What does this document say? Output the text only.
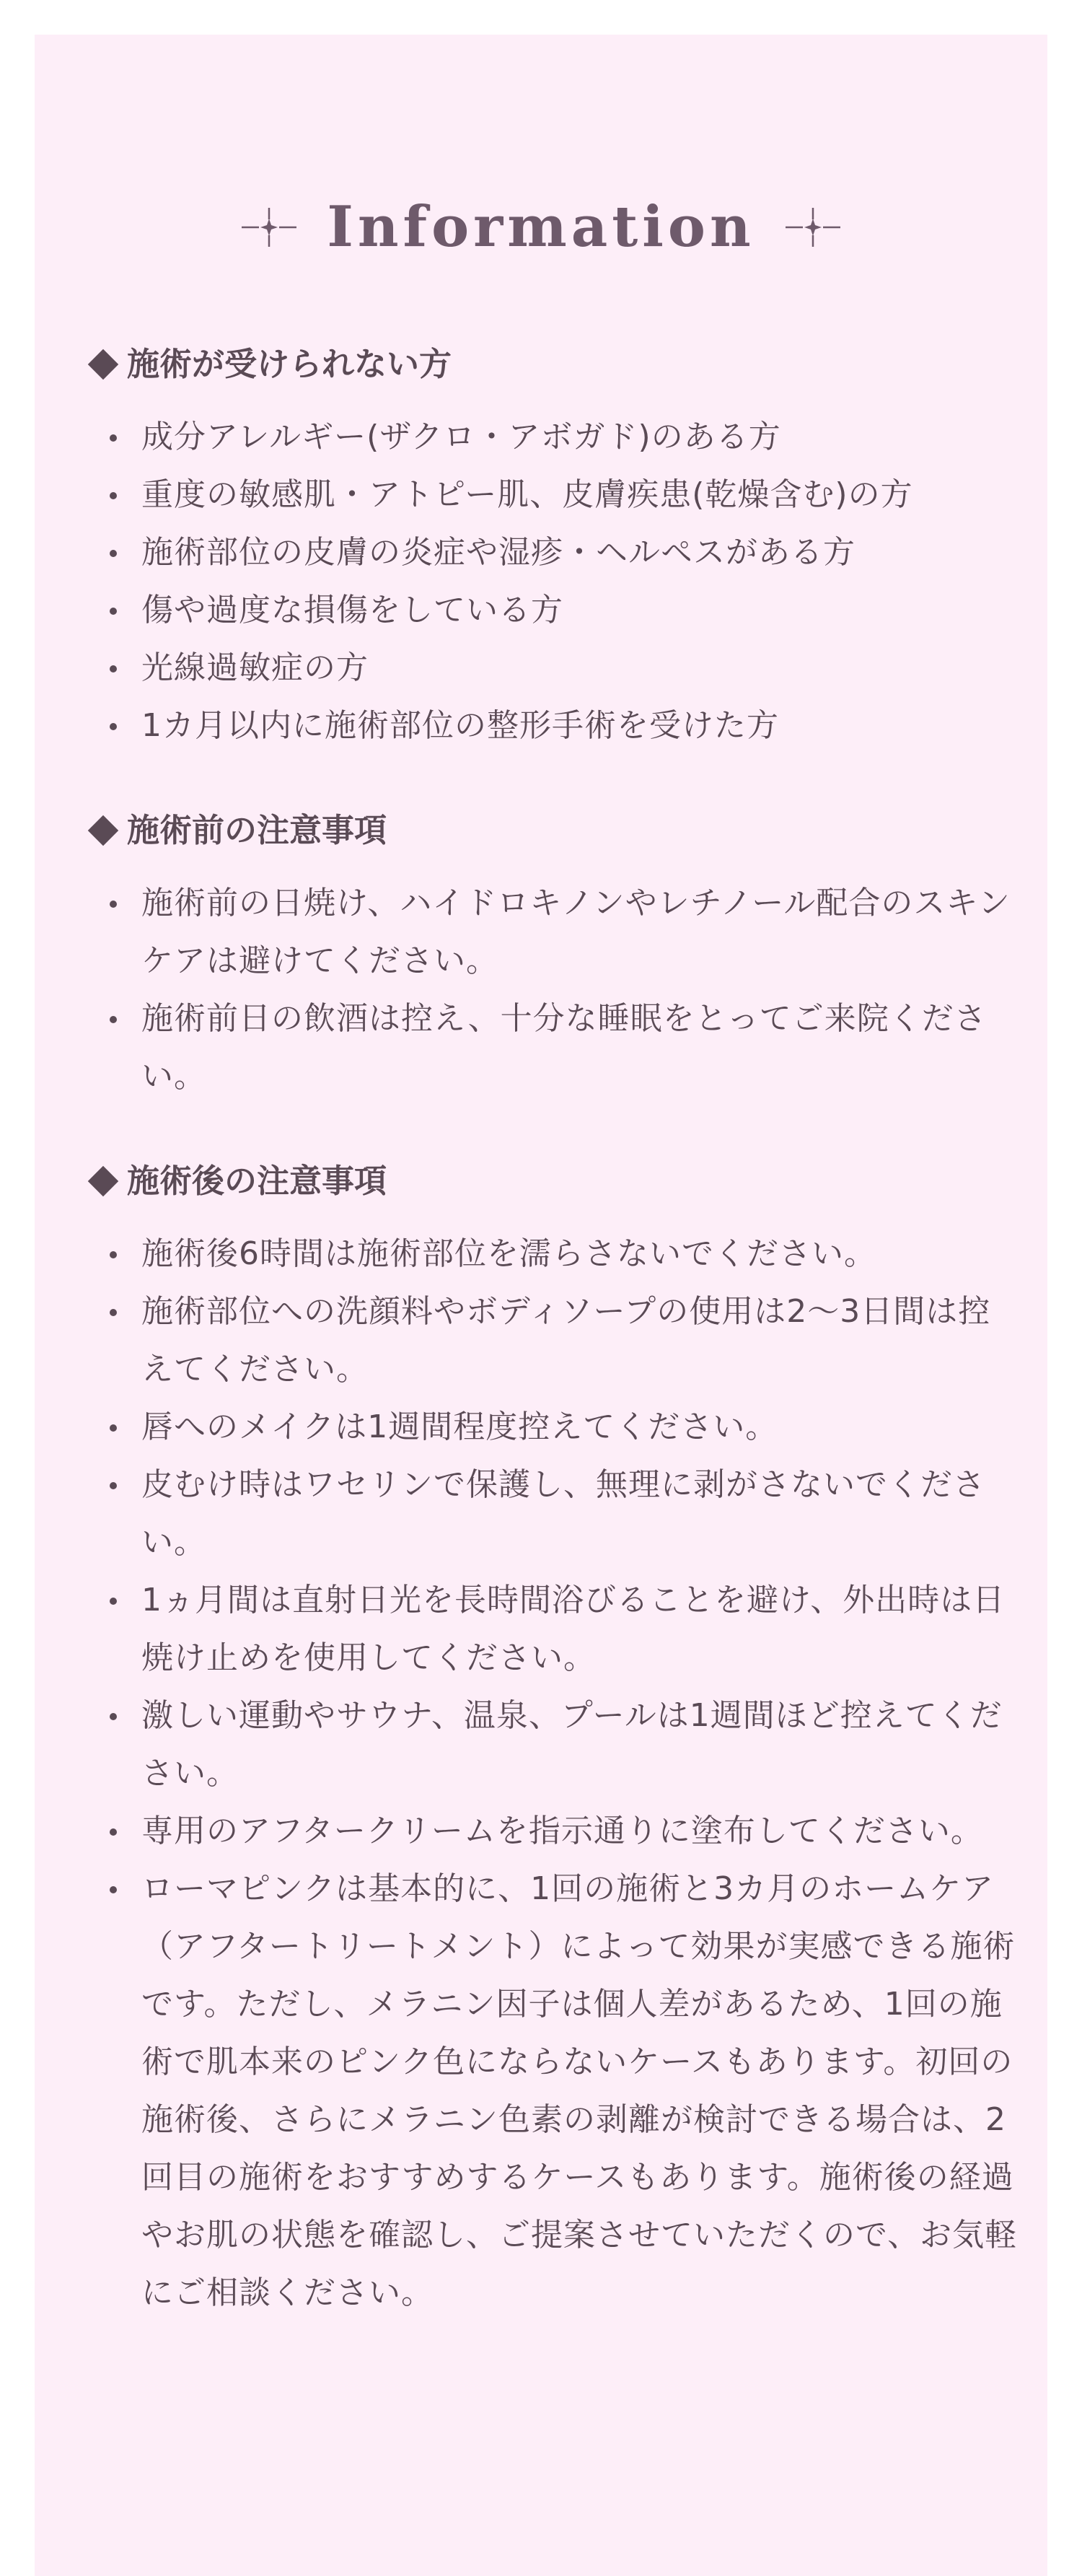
Information
施術が受けられない方
成分アレルギー(ザクロ・アボガド)のある方
重度の敏感肌・アトピー肌、皮膚疾患(乾燥含む)の方
施術部位の皮膚の炎症や湿疹・ヘルペスがある方
傷や過度な損傷をしている方
光線過敏症の方
1カ月以内に施術部位の整形手術を受けた方
施術前の注意事項
施術前の日焼け、ハイドロキノンやレチノール配合のスキンケアは避けてください。
施術前日の飲酒は控え、十分な睡眠をとってご来院ください。
施術後の注意事項
施術後6時間は施術部位を濡らさないでください。
施術部位への洗顔料やボディソープの使用は2〜3日間は控えてください。
唇へのメイクは1週間程度控えてください。
皮むけ時はワセリンで保護し、無理に剥がさないでください。
1ヵ月間は直射日光を長時間浴びることを避け、外出時は日焼け止めを使用してください。
激しい運動やサウナ、温泉、プールは1週間ほど控えてください。
専用のアフタークリームを指示通りに塗布してください。
ローマピンクは基本的に、1回の施術と3カ月のホームケア（アフタートリートメント）によって効果が実感できる施術です。ただし、メラニン因子は個人差があるため、1回の施術で肌本来のピンク色にならないケースもあります。初回の施術後、さらにメラニン色素の剥離が検討できる場合は、2回目の施術をおすすめするケースもあります。施術後の経過やお肌の状態を確認し、ご提案させていただくので、お気軽にご相談ください。
